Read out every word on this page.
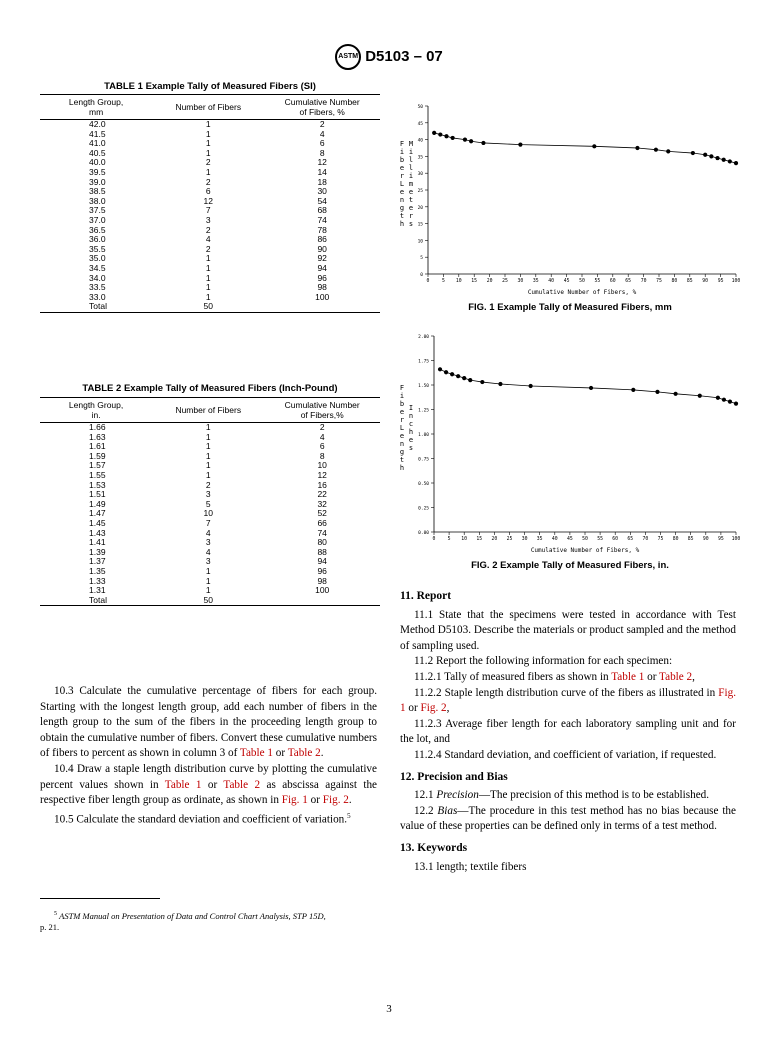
ASTM D5103 – 07
TABLE 1 Example Tally of Measured Fibers (SI)
Length Group,
mm	Number of Fibers	Cumulative Number
of Fibers, %
42.0	1	2
41.5	1	4
41.0	1	6
40.5	1	8
40.0	2	12
39.5	1	14
39.0	2	18
38.5	6	30
38.0	12	54
37.5	7	68
37.0	3	74
36.5	2	78
36.0	4	86
35.5	2	90
35.0	1	92
34.5	1	94
34.0	1	96
33.5	1	98
33.0	1	100
Total	50	
TABLE 2 Example Tally of Measured Fibers (Inch-Pound)
Length Group,
in.	Number of Fibers	Cumulative Number
of Fibers,%
1.66	1	2
1.63	1	4
1.61	1	6
1.59	1	8
1.57	1	10
1.55	1	12
1.53	2	16
1.51	3	22
1.49	5	32
1.47	10	52
1.45	7	66
1.43	4	74
1.41	3	80
1.39	4	88
1.37	3	94
1.35	1	96
1.33	1	98
1.31	1	100
Total	50	

10.3 Calculate the cumulative percentage of fibers for each group. Starting with the longest length group, add each number of fibers in the length group to the sum of the fibers in the proceeding length group to obtain the cumulative number of fibers. Convert these cumulative numbers of fibers to percent as shown in column 3 of Table 1 or Table 2.

10.4 Draw a staple length distribution curve by plotting the cumulative percent values shown in Table 1 or Table 2 as abscissa against the respective fiber length group as ordinate, as shown in Fig. 1 or Fig. 2.

10.5 Calculate the standard deviation and coefficient of variation.$^5$

$^5$ ASTM Manual on Presentation of Data and Control Chart Analysis, STP 15D,
p. 21.
0
5
10
15
20
25
30
35
40
45
50
0	5 10 15 20 25 30 35 40 45 50 55 60 65 70 75 80 85 90 95 100
Cumulative Number of Fibers, %
F
i
b
e
r
L
e
n
g
t
h
M
i
l
l
i
m
e
t
e
r
s
FIG. 1 Example Tally of Measured Fibers, mm
0.00
0.25
0.50
0.75
1.00
1.25
1.50
1.75
2.00
0	5 10 15 20 25 30 35 40 45 50 55 60 65 70 75 80 85 90 95 100
Cumulative Number of Fibers, %
F
i
b
e
r
L
e
n
g
t
h
I
n
c
h
e
s
FIG. 2 Example Tally of Measured Fibers, in.
11. Report

11.1 State that the specimens were tested in accordance with Test Method D5103. Describe the materials or product sampled and the method of sampling used.

11.2 Report the following information for each specimen:

11.2.1 Tally of measured fibers as shown in Table 1 or Table 2,

11.2.2 Staple length distribution curve of the fibers as illustrated in Fig. 1 or Fig. 2,

11.2.3 Average fiber length for each laboratory sampling unit and for the lot, and

11.2.4 Standard deviation, and coefficient of variation, if requested.

12. Precision and Bias

12.1 Precision—The precision of this method is to be established.

12.2 Bias—The procedure in this test method has no bias because the value of these properties can be defined only in terms of a test method.

13. Keywords

13.1 length; textile fibers

3
